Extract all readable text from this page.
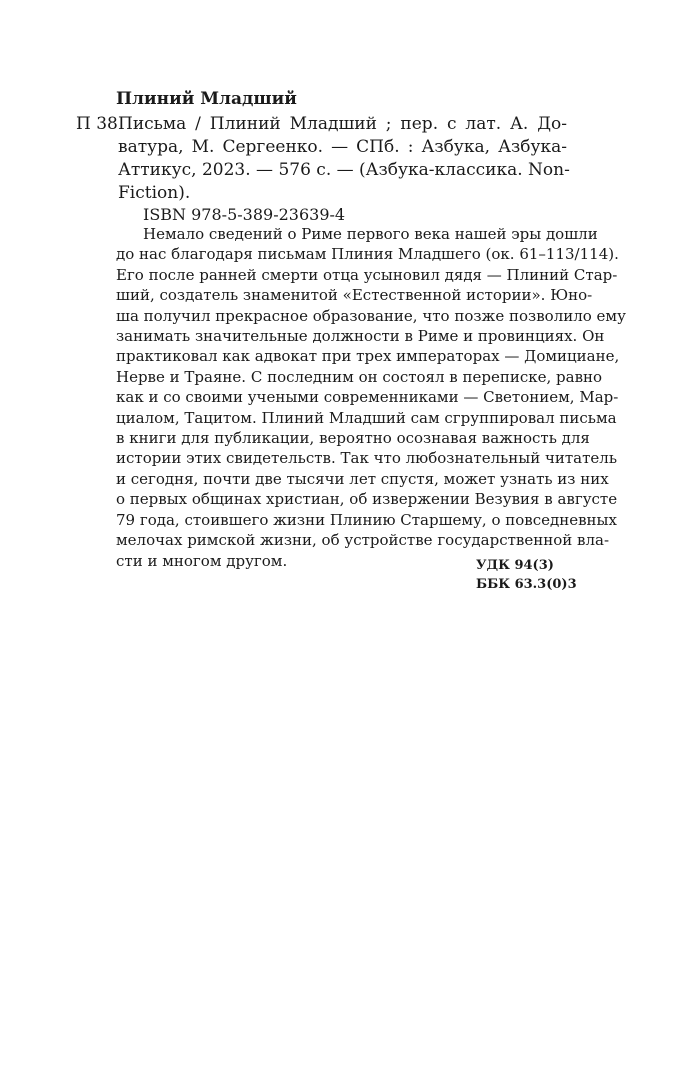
Плиний Младший
П 38 Письма / Плиний Младший ; пер. с лат. А. До-
ватура, М. Сергеенко. — СПб. : Азбука, Азбука-
Аттикус, 2023. — 576 с. — (Азбука-классика. Non-
Fiction).
ISBN 978-5-389-23639-4
Немало сведений о Риме первого века нашей эры дошли
до нас благодаря письмам Плиния Младшего (ок. 61–113/114).
Его после ранней смерти отца усыновил дядя — Плиний Стар-
ший, создатель знаменитой «Естественной истории». Юно-
ша получил прекрасное образование, что позже позволило ему
занимать значительные должности в Риме и провинциях. Он
практиковал как адвокат при трех императорах — Домициане,
Нерве и Траяне. С последним он состоял в переписке, равно
как и со своими учеными современниками — Светонием, Мар-
циалом, Тацитом. Плиний Младший сам сгруппировал письма
в книги для публикации, вероятно осознавая важность для
истории этих свидетельств. Так что любознательный читатель
и сегодня, почти две тысячи лет спустя, может узнать из них
о первых общинах христиан, об извержении Везувия в августе
79 года, стоившего жизни Плинию Старшему, о повседневных
мелочах римской жизни, об устройстве государственной вла-
сти и многом другом.	УДК 94(3)
ББК 63.3(0)3
